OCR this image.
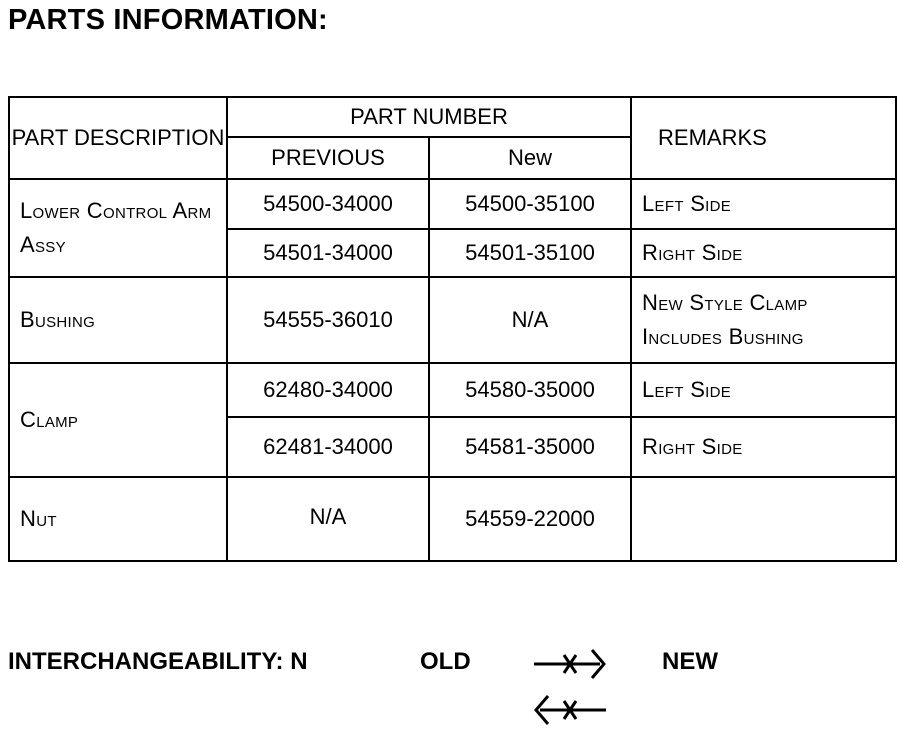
PARTS INFORMATION:
PART DESCRIPTION	PART NUMBER		REMARKS
	PREVIOUS	New	
Lower Control Arm Assy	54500-34000	54500-35100	Left Side
	54501-34000	54501-35100	Right Side
Bushing	54555-36010	N/A	New Style Clamp Includes Bushing
Clamp	62480-34000	54580-35000	Left Side
	62481-34000	54581-35000	Right Side
Nut	N/A	54559-22000	
INTERCHANGEABILITY: N	OLD	NEW
